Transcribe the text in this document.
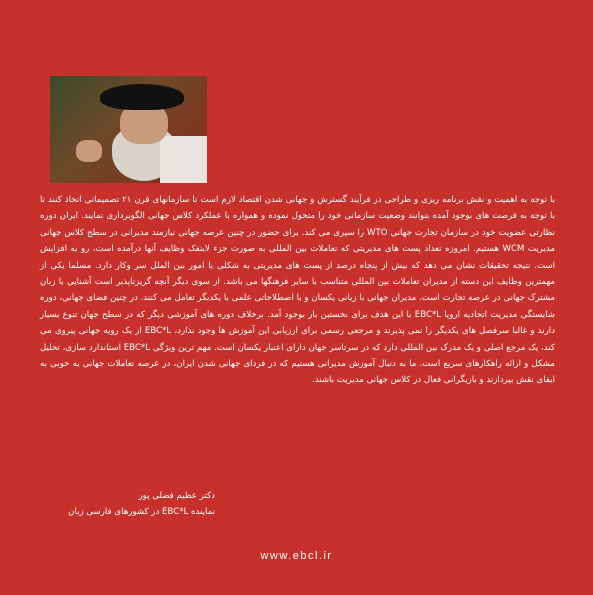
با توجه به اهمیت و نقش برنامه ریزی و طراحی در فرآیند گسترش و جهانی شدن اقتصاد لازم است تا سازمانهای قرن ۲۱ تصمیماتی اتخاذ کنند تا با توجه به فرصت های بوجود آمده بتوانند وضعیت سازمانی خود را متحول نموده و همواره با عملکرد کلاس جهانی الگوبرداری نمایند. ایران دوره نظارتی عضویت خود در سازمان تجارت جهانی WTO را سپری می کند. برای حضور در چنین عرصه جهانی نیازمند مدیرانی در سطح کلاس جهانی مدیریت WCM هستیم. امروزه تعداد پست های مدیریتی که تعاملات بین المللی به صورت جزء لاینفک وظایف آنها درآمده است، رو به افزایش است. نتیجه تحقیقات نشان می دهد که بیش از پنجاه درصد از پست های مدیریتی به شکلی با امور بین الملل سر وکار دارد. مسلما یکی از مهمترین وظایف این دسته از مدیران تعاملات بین المللی متناسب با سایر فرهنگها می باشد. از سوی دیگر آنچه گریزناپذیر است آشنایی با زبان مشترک جهانی در عرصه تجارت است. مدیران جهانی با زبانی یکسان و با اصطلاحاتی علمی با یکدیگر تعامل می کنند. در چنین فضای جهانی، دوره شایستگی مدیریت اتحادیه اروپا EBC*L با این هدف برای نخستین بار بوجود آمد. برخلاف دوره های آموزشی دیگر که در سطح جهان تنوع بسیار دارند و غالبا سرفصل های یکدیگر را نمی پذیرند و مرجعی رسمی برای ارزیابی این آموزش ها وجود ندارد، EBC*L از یک رویه جهانی پیروی می کند، یک مرجع اصلی و یک مدرک بین المللی دارد که در سرتاسر جهان دارای اعتبار یکسان است. مهم ترین ویژگی EBC*L استاندارد سازی، تحلیل مشکل و ارائه راهکارهای سریع است. ما به دنبال آموزش مدیرانی هستیم که در فردای جهانی شدن ایران، در عرصه تعاملات جهانی به خوبی به ایفای نقش بپردازند و بازیگرانی فعال در کلاس جهانی مدیریت باشند.

دکتر عظیم فضلی پور
نماینده EBC*L در کشورهای فارسی زبان
www.ebcl.ir
